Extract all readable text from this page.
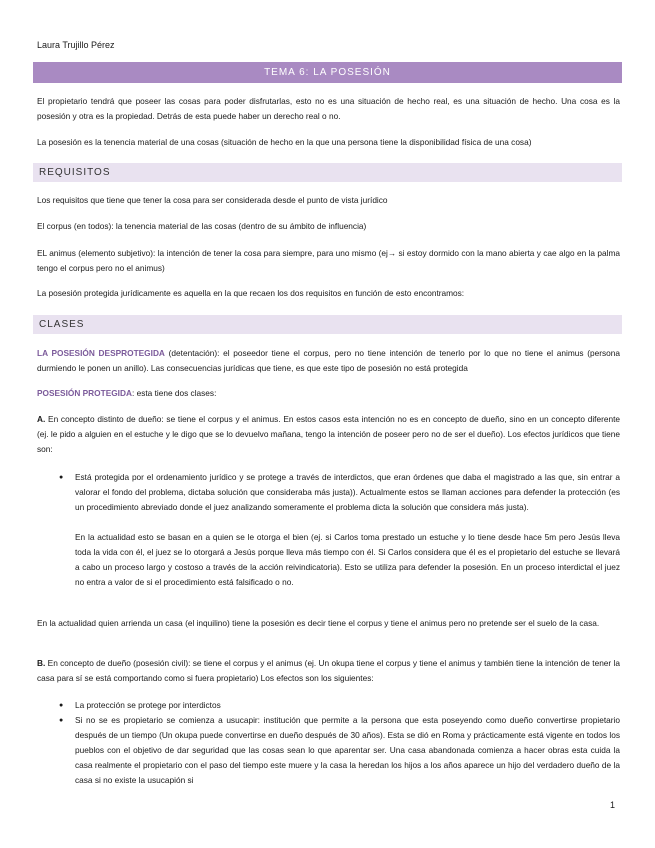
Laura Trujillo Pérez
TEMA 6: LA POSESIÓN

El propietario tendrá que poseer las cosas para poder disfrutarlas, esto no es una situación de hecho real, es una situación de hecho. Una cosa es la posesión y otra es la propiedad. Detrás de esta puede haber un derecho real o no.

La posesión es la tenencia material de una cosas (situación de hecho en la que una persona tiene la disponibilidad física de una cosa)

REQUISITOS

Los requisitos que tiene que tener la cosa para ser considerada desde el punto de vista jurídico

El corpus (en todos): la tenencia material de las cosas (dentro de su ámbito de influencia)

EL animus (elemento subjetivo): la intención de tener la cosa para siempre, para uno mismo (ej→ si estoy dormido con la mano abierta y cae algo en la palma tengo el corpus pero no el animus)

La posesión protegida jurídicamente es aquella en la que recaen los dos requisitos en función de esto encontramos:

CLASES

LA POSESIÓN DESPROTEGIDA (detentación): el poseedor tiene el corpus, pero no tiene intención de tenerlo por lo que no tiene el animus (persona durmiendo le ponen un anillo). Las consecuencias jurídicas que tiene, es que este tipo de posesión no está protegida

POSESIÓN PROTEGIDA: esta tiene dos clases:

A. En concepto distinto de dueño: se tiene el corpus y el animus. En estos casos esta intención no es en concepto de dueño, sino en un concepto diferente (ej. le pido a alguien en el estuche y le digo que se lo devuelvo mañana, tengo la intención de poseer pero no de ser el dueño). Los efectos jurídicos que tiene son:

● Está protegida por el ordenamiento jurídico y se protege a través de interdictos, que eran órdenes que daba el magistrado a las que, sin entrar a valorar el fondo del problema, dictaba solución que consideraba más justa)). Actualmente estos se llaman acciones para defender la protección (es un procedimiento abreviado donde el juez analizando someramente el problema dicta la solución que considera más justa).

En la actualidad esto se basan en a quien se le otorga el bien (ej. si Carlos toma prestado un estuche y lo tiene desde hace 5m pero Jesús lleva toda la vida con él, el juez se lo otorgará a Jesús porque lleva más tiempo con él. Si Carlos considera que él es el propietario del estuche se llevará a cabo un proceso largo y costoso a través de la acción reivindicatoria). Esto se utiliza para defender la posesión. En un proceso interdictal el juez no entra a valor de si el procedimiento está falsificado o no.

En la actualidad quien arrienda un casa (el inquilino) tiene la posesión es decir tiene el corpus y tiene el animus pero no pretende ser el suelo de la casa.

B. En concepto de dueño (posesión civil): se tiene el corpus y el animus (ej. Un okupa tiene el corpus y tiene el animus y también tiene la intención de tener la casa para sí se está comportando como si fuera propietario) Los efectos son los siguientes:

● La protección se protege por interdictos

● Si no se es propietario se comienza a usucapir: institución que permite a la persona que esta poseyendo como dueño convertirse propietario después de un tiempo (Un okupa puede convertirse en dueño después de 30 años). Esta se dió en Roma y prácticamente está vigente en todos los pueblos con el objetivo de dar seguridad que las cosas sean lo que aparentar ser. Una casa abandonada comienza a hacer obras esta cuida la casa realmente el propietario con el paso del tiempo este muere y la casa la heredan los hijos a los años aparece un hijo del verdadero dueño de la casa si no existe la usucapión si

1
